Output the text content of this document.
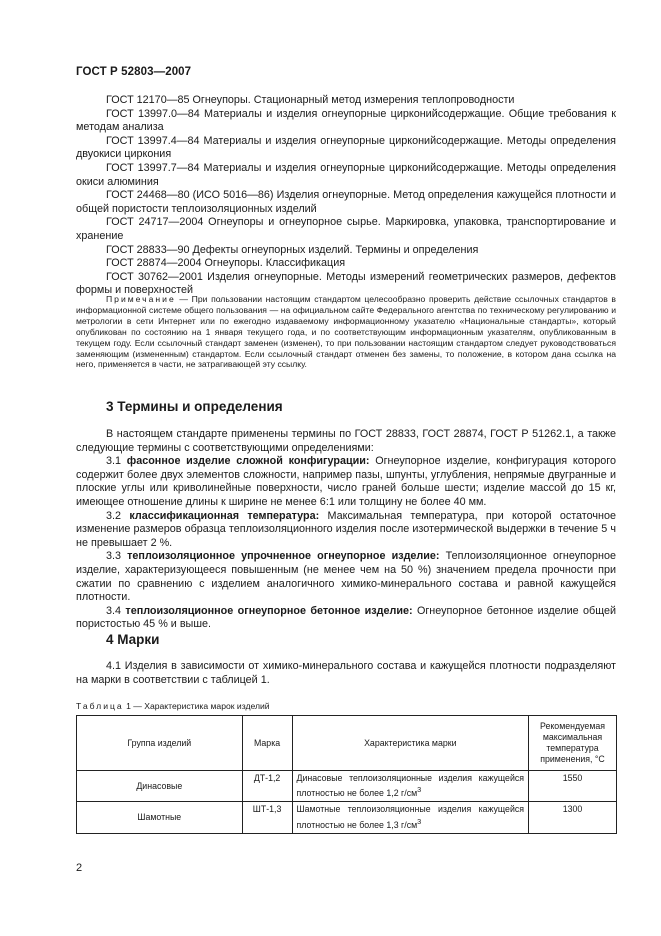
ГОСТ Р 52803—2007

ГОСТ 12170—85 Огнеупоры. Стационарный метод измерения теплопроводности

ГОСТ 13997.0—84 Материалы и изделия огнеупорные цирконийсодержащие. Общие требования к методам анализа

ГОСТ 13997.4—84 Материалы и изделия огнеупорные цирконийсодержащие. Методы определения двуокиси циркония

ГОСТ 13997.7—84 Материалы и изделия огнеупорные цирконийсодержащие. Методы определения окиси алюминия

ГОСТ 24468—80 (ИСО 5016—86) Изделия огнеупорные. Метод определения кажущейся плотности и общей пористости теплоизоляционных изделий

ГОСТ 24717—2004 Огнеупоры и огнеупорное сырье. Маркировка, упаковка, транспортирование и хранение

ГОСТ 28833—90 Дефекты огнеупорных изделий. Термины и определения

ГОСТ 28874—2004 Огнеупоры. Классификация

ГОСТ 30762—2001 Изделия огнеупорные. Методы измерений геометрических размеров, дефектов формы и поверхностей

Примечание — При пользовании настоящим стандартом целесообразно проверить действие ссылочных стандартов в информационной системе общего пользования — на официальном сайте Федерального агентства по техническому регулированию и метрологии в сети Интернет или по ежегодно издаваемому информационному указателю «Национальные стандарты», который опубликован по состоянию на 1 января текущего года, и по соответствующим информационным указателям, опубликованным в текущем году. Если ссылочный стандарт заменен (изменен), то при пользовании настоящим стандартом следует руководствоваться заменяющим (измененным) стандартом. Если ссылочный стандарт отменен без замены, то положение, в котором дана ссылка на него, применяется в части, не затрагивающей эту ссылку.
3 Термины и определения

В настоящем стандарте применены термины по ГОСТ 28833, ГОСТ 28874, ГОСТ Р 51262.1, а также следующие термины с соответствующими определениями:

3.1 фасонное изделие сложной конфигурации: Огнеупорное изделие, конфигурация которого содержит более двух элементов сложности, например пазы, шпунты, углубления, непрямые двугранные и плоские углы или криволинейные поверхности, число граней больше шести; изделие массой до 15 кг, имеющее отношение длины к ширине не менее 6:1 или толщину не более 40 мм.

3.2 классификационная температура: Максимальная температура, при которой остаточное изменение размеров образца теплоизоляционного изделия после изотермической выдержки в течение 5 ч не превышает 2 %.

3.3 теплоизоляционное упрочненное огнеупорное изделие: Теплоизоляционное огнеупорное изделие, характеризующееся повышенным (не менее чем на 50 %) значением предела прочности при сжатии по сравнению с изделием аналогичного химико-минерального состава и равной кажущейся плотности.

3.4 теплоизоляционное огнеупорное бетонное изделие: Огнеупорное бетонное изделие общей пористостью 45 % и выше.

4 Марки

4.1 Изделия в зависимости от химико-минерального состава и кажущейся плотности подразделяют на марки в соответствии с таблицей 1.

Таблица 1 — Характеристика марок изделий
Группа изделий	Марка	Характеристика марки	Рекомендуемая максимальная температура применения, °С
Динасовые	ДТ-1,2	Динасовые теплоизоляционные изделия кажущейся плотностью не более 1,2 $г/см^3$	1550
Шамотные	ШТ-1,3	Шамотные теплоизоляционные изделия кажущейся плотностью не более 1,3 $г/см^3$	1300
2
